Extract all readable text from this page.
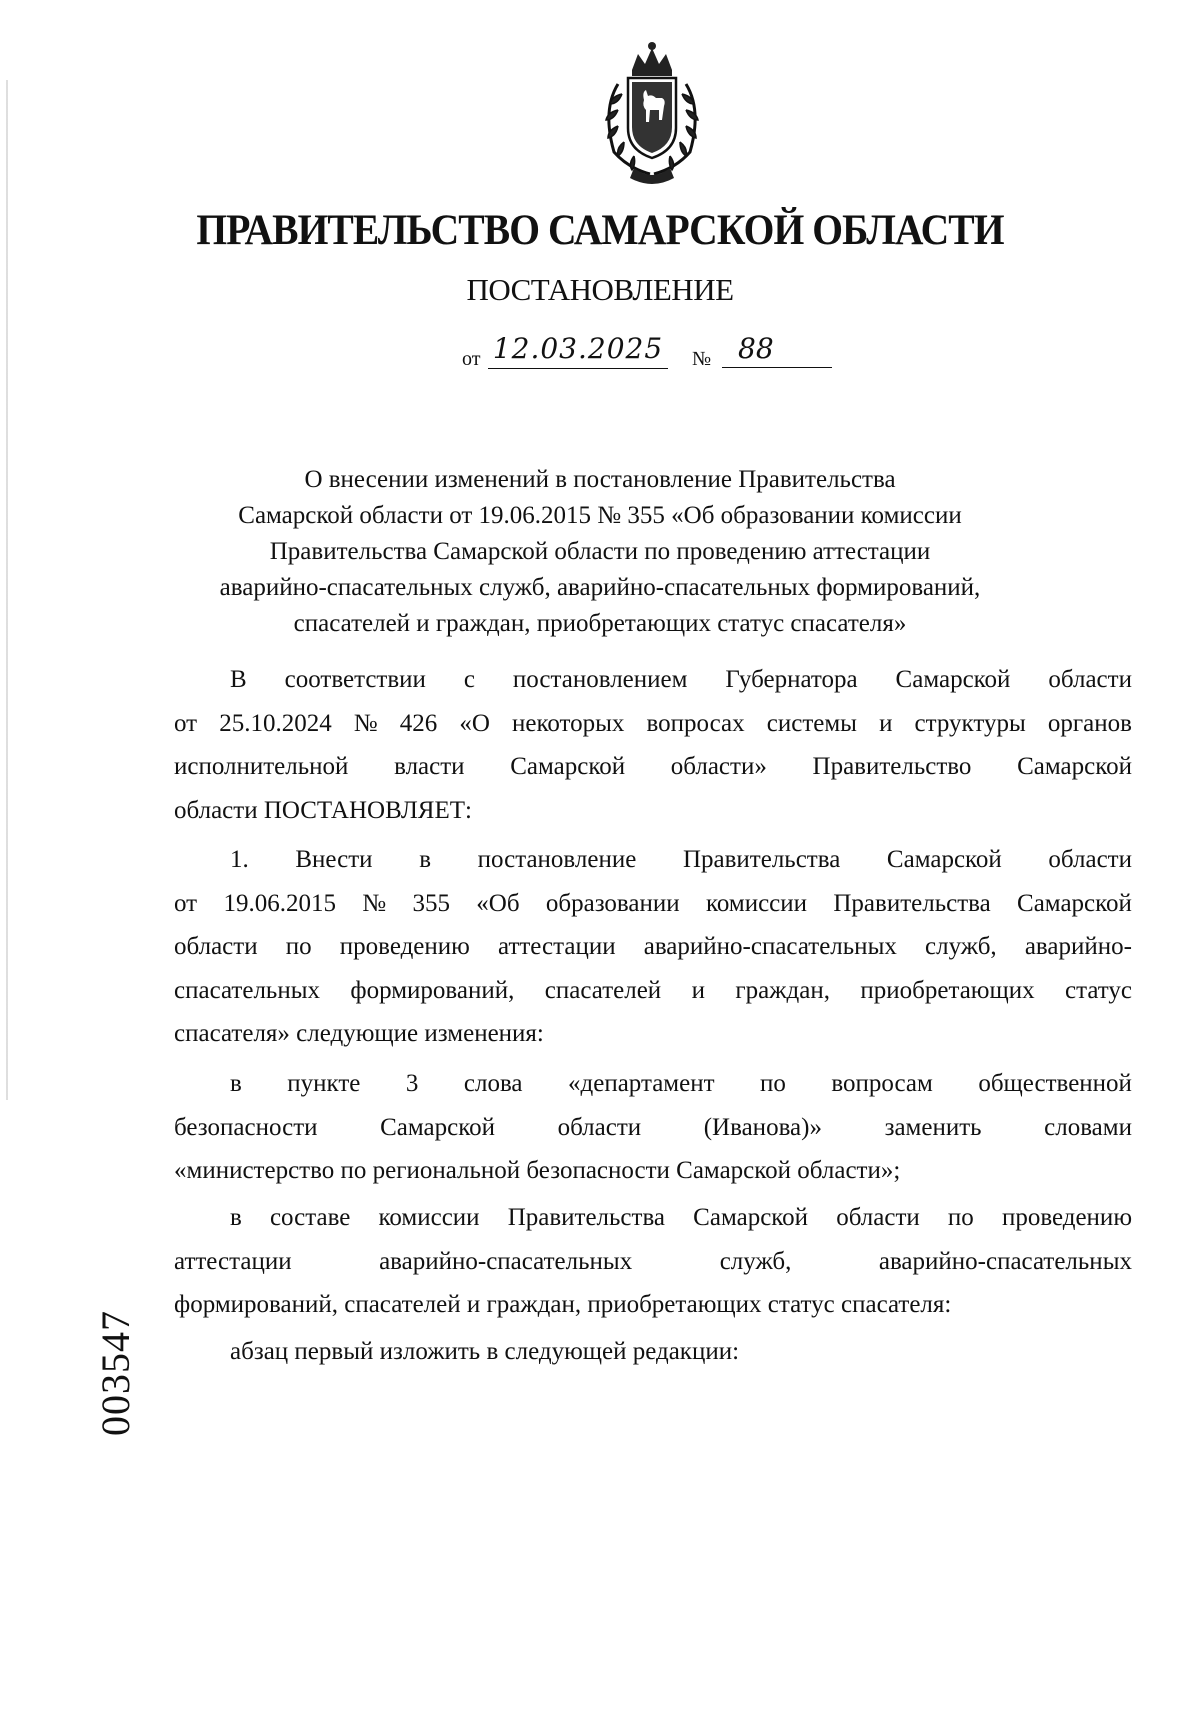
ПРАВИТЕЛЬСТВО САМАРСКОЙ ОБЛАСТИ
ПОСТАНОВЛЕНИЕ
от 12.03.2025 № 88
О внесении изменений в постановление Правительства
Самарской области от 19.06.2015 № 355 «Об образовании комиссии
Правительства Самарской области по проведению аттестации
аварийно-спасательных служб, аварийно-спасательных формирований,
спасателей и граждан, приобретающих статус спасателя»
В соответствии с постановлением Губернатора Самарской области
от 25.10.2024 № 426 «О некоторых вопросах системы и структуры органов
исполнительной власти Самарской области» Правительство Самарской
области ПОСТАНОВЛЯЕТ:
1. Внести в постановление Правительства Самарской области
от 19.06.2015 № 355 «Об образовании комиссии Правительства Самарской
области по проведению аттестации аварийно-спасательных служб, аварийно-
спасательных формирований, спасателей и граждан, приобретающих статус
спасателя» следующие изменения:
в пункте 3 слова «департамент по вопросам общественной
безопасности	Самарской	области	(Иванова)»	заменить	словами
«министерство по региональной безопасности Самарской области»;
в составе комиссии Правительства Самарской области по проведению
аттестации	аварийно-спасательных	служб,	аварийно-спасательных
формирований, спасателей и граждан, приобретающих статус спасателя:
абзац первый изложить в следующей редакции:
003547
